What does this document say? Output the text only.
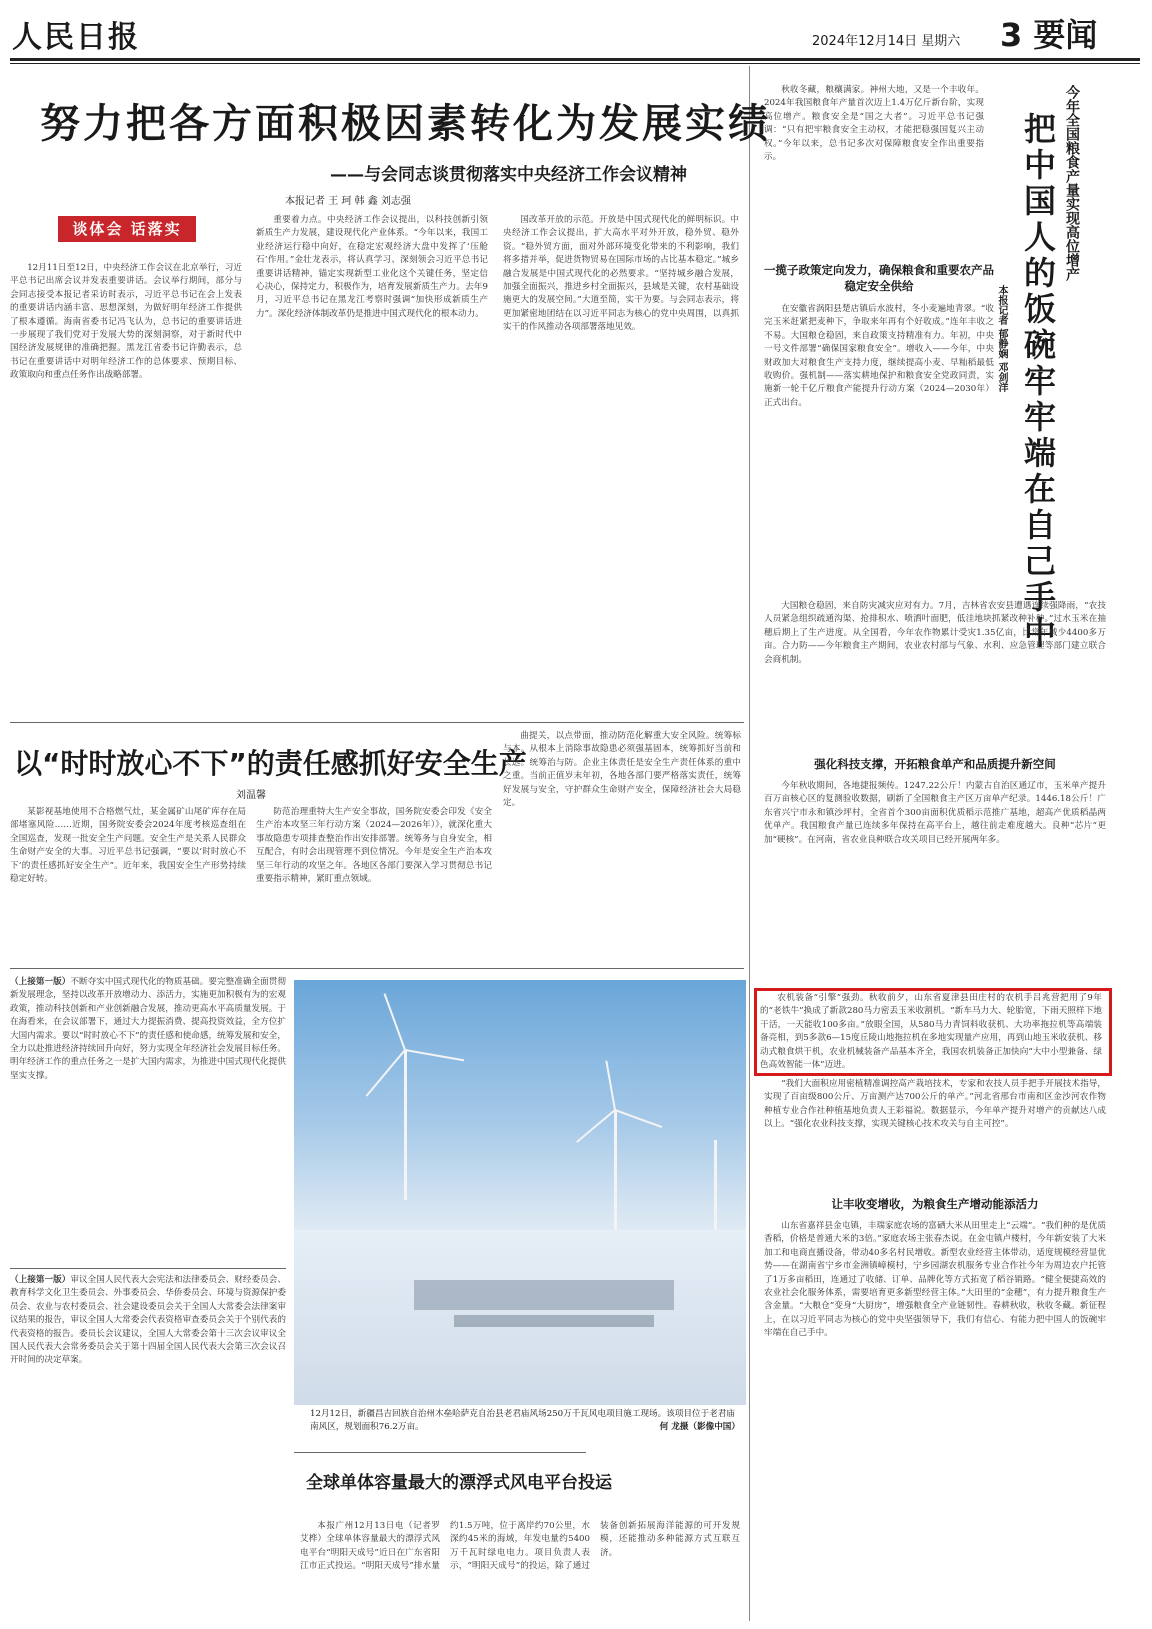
人民日报	2024年12月14日 星期六 3 要闻
努力把各方面积极因素转化为发展实绩
——与会同志谈贯彻落实中央经济工作会议精神
本报记者 王 珂 韩 鑫 刘志强
谈体会 话落实

12月11日至12日，中央经济工作会议在北京举行，习近平总书记出席会议并发表重要讲话。会议举行期间，部分与会同志接受本报记者采访时表示，习近平总书记在会上发表的重要讲话内涵丰富、思想深刻，为做好明年经济工作提供了根本遵循。海南省委书记冯飞认为，总书记的重要讲话进一步展现了我们党对于发展大势的深刻洞察，对于新时代中国经济发展规律的准确把握。黑龙江省委书记许勤表示，总书记在重要讲话中对明年经济工作的总体要求、预期目标、政策取向和重点任务作出战略部署。

重要着力点。中央经济工作会议提出，以科技创新引领新质生产力发展，建设现代化产业体系。“今年以来，我国工业经济运行稳中向好，在稳定宏观经济大盘中发挥了‘压舱石’作用。”金壮龙表示，将认真学习、深刻领会习近平总书记重要讲话精神，锚定实现新型工业化这个关键任务，坚定信心决心，保持定力，积极作为，培育发展新质生产力。去年9月，习近平总书记在黑龙江考察时强调“加快形成新质生产力”。深化经济体制改革仍是推进中国式现代化的根本动力。

国改革开放的示范。开放是中国式现代化的鲜明标识。中央经济工作会议提出，扩大高水平对外开放，稳外贸、稳外资。“稳外贸方面，面对外部环境变化带来的不利影响，我们将多措并举，促进货物贸易在国际市场的占比基本稳定。”城乡融合发展是中国式现代化的必然要求。“坚持城乡融合发展，加强全面振兴，推进乡村全面振兴，县域是关键，农村基础设施更大的发展空间。”大道至简，实干为要。与会同志表示，将更加紧密地团结在以习近平同志为核心的党中央周围，以真抓实干的作风推动各项部署落地见效。

以“时时放心不下”的责任感抓好安全生产
刘温馨

某影视基地使用不合格燃气灶，某金属矿山尾矿库存在局部堵塞风险……近期，国务院安委会2024年度考核巡查组在全国巡查，发现一批安全生产问题。安全生产是关系人民群众生命财产安全的大事。习近平总书记强调，“要以‘时时放心不下’的责任感抓好安全生产”。近年来，我国安全生产形势持续稳定好转。

防范治理重特大生产安全事故，国务院安委会印发《安全生产治本攻坚三年行动方案（2024—2026年）》，就深化重大事故隐患专项排查整治作出安排部署。统筹务与自身安全，相互配合，有时会出现管理不到位情况。今年是安全生产治本攻坚三年行动的攻坚之年。各地区各部门要深入学习贯彻总书记重要指示精神，紧盯重点领域。

曲提关，以点带面，推动防范化解重大安全风险。统筹标与本。从根本上消除事故隐患必须强基固本，统筹抓好当前和长远。统筹治与防。企业主体责任是安全生产责任体系的重中之重。当前正值岁末年初，各地各部门要严格落实责任，统筹好发展与安全，守护群众生命财产安全，保障经济社会大局稳定。

（上接第一版）不断夺实中国式现代化的物质基础。要完整准确全面贯彻新发展理念，坚持以改革开放增动力、添活力，实施更加积极有为的宏观政策，推动科技创新和产业创新融合发展，推动更高水平高质量发展。于在海看来，在会议部署下，通过大力提振消费、提高投资效益，全方位扩大国内需求。要以“时时放心不下”的责任感和使命感，统筹发展和安全，全力以赴推进经济持续回升向好，努力实现全年经济社会发展目标任务。明年经济工作的重点任务之一是扩大国内需求，为推进中国式现代化提供坚实支撑。
（上接第一版）审议全国人民代表大会宪法和法律委员会、财经委员会、教育科学文化卫生委员会、外事委员会、华侨委员会、环境与资源保护委员会、农业与农村委员会、社会建设委员会关于全国人大常委会法律案审议结果的报告，审议全国人大常委会代表资格审查委员会关于个别代表的代表资格的报告。委员长会议建议，全国人大常委会第十三次会议审议全国人民代表大会常务委员会关于第十四届全国人民代表大会第三次会议召开时间的决定草案。
12月12日，新疆昌吉回族自治州木垒哈萨克自治县老君庙风场250万千瓦风电项目施工现场。该项目位于老君庙南风区，规划面积76.2万亩。	何 龙摄（影像中国）
全球单体容量最大的漂浮式风电平台投运

本报广州12月13日电（记者罗艾桦）全球单体容量最大的漂浮式风电平台“明阳天成号”近日在广东省阳江市正式投运。“明阳天成号”排水量约1.5万吨，位于离岸约70公里，水深约45米的海域，年发电量约5400万千瓦时绿电电力。项目负责人表示，“明阳天成号”的投运，除了通过装备创新拓展海洋能源的可开发规模，还能推动多种能源方式互联互济。

今年全国粮食产量实现高位增产
把中国人的饭碗牢牢端在自己手中
本报记者 郁静娴 邓剑洋

秋收冬藏，粮穰满家。神州大地，又是一个丰收年。2024年我国粮食年产量首次迈上1.4万亿斤新台阶，实现高位增产。粮食安全是“国之大者”。习近平总书记强调：“只有把牢粮食安全主动权，才能把稳强国复兴主动权。”今年以来，总书记多次对保障粮食安全作出重要指示。

一揽子政策定向发力，确保粮食和重要农产品稳定安全供给

在安徽省涡阳县楚店镇后水波村，冬小麦遍地青翠。“收完玉米赶紧把麦种下，争取来年再有个好收成。”连年丰收之不易。大国粮仓稳固，来自政策支持精准有力。年初，中央一号文件部署“确保国家粮食安全”。增收入——今年，中央财政加大对粮食生产支持力度，继续提高小麦、早籼稻最低收购价。强机制——落实耕地保护和粮食安全党政同责，实施新一轮千亿斤粮食产能提升行动方案（2024—2030年）正式出台。

大国粮仓稳固，来自防灾减灾应对有力。7月，吉林省农安县遭遇连续强降雨，“农技人员紧急组织疏通沟渠、抢排积水、喷洒叶面肥，低洼地块抓紧改种补种。”过水玉米在抽穗后期上了生产进度。从全国看，今年农作物累计受灾1.35亿亩，比常年减少4400多万亩。合力防——今年粮食主产期间，农业农村部与气象、水利、应急管理等部门建立联合会商机制。

强化科技支撑，开拓粮食单产和品质提升新空间

今年秋收期间，各地捷报频传。1247.22公斤！内蒙古自治区通辽市，玉米单产提升百万亩核心区的复测验收数据，刷新了全国粮食主产区万亩单产纪录。1446.18公斤！广东省兴宁市永和镇沙坪村，全省首个300亩面积优质稻示范推广基地，超高产优质稻晶两优单产。我国粮食产量已连续多年保持在高平台上，越往前走难度越大。良种“芯片”更加“硬核”。在河南，省农业良种联合攻关项目已经开展两年多。

农机装备“引擎”强劲。秋收前夕，山东省夏津县田庄村的农机手吕兆营把用了9年的“老铁牛”换成了新款280马力密丢玉米收割机。“新车马力大、轮胎宽，下雨天照样下地干活，一天能收100多亩。”放眼全国，从580马力青饲料收获机、大功率拖拉机等高端装备亮相，到5多款6—15度丘陵山地拖拉机在多地实现量产应用，再到山地玉米收获机、移动式粮食烘干机，农业机械装备产品基本齐全，我国农机装备正加快向“大中小型兼备、绿色高效智能一体”迈进。

“我们大面积应用密植精准调控高产栽培技术，专家和农技人员手把手开展技术指导，实现了百亩级800公斤、万亩测产达700公斤的单产。”河北省邢台市南和区金沙河农作物种植专业合作社种植基地负责人王彩福说。数据显示，今年单产提升对增产的贡献达八成以上。“强化农业科技支撑，实现关键核心技术攻关与自主可控”。

让丰收变增收，为粮食生产增动能添活力

山东省嘉祥县金屯镇，丰瑞家庭农场的富硒大米从田里走上“云端”。“我们种的是优质香稻，价格是普通大米的3倍。”家庭农场主张春杰说。在金屯镇卢楼村，今年新安装了大米加工和电商直播设备，带动40多名村民增收。新型农业经营主体带动，适度规模经营显优势——在湖南省宁乡市金洲镇嶂模村，宁乡园湖农机服务专业合作社今年为周边农户托管了1万多亩稻田，连通过了收储、订单、品牌化等方式拓宽了稻谷销路。“健全便捷高效的农业社会化服务体系，需要培育更多新型经营主体。”大田里的“金穗”，有力提升粮食生产含金量。“大粮仓”变身“大厨房”，增强粮食全产业链韧性。春耕秋收，秋收冬藏。新征程上，在以习近平同志为核心的党中央坚强领导下，我们有信心、有能力把中国人的饭碗牢牢端在自己手中。
